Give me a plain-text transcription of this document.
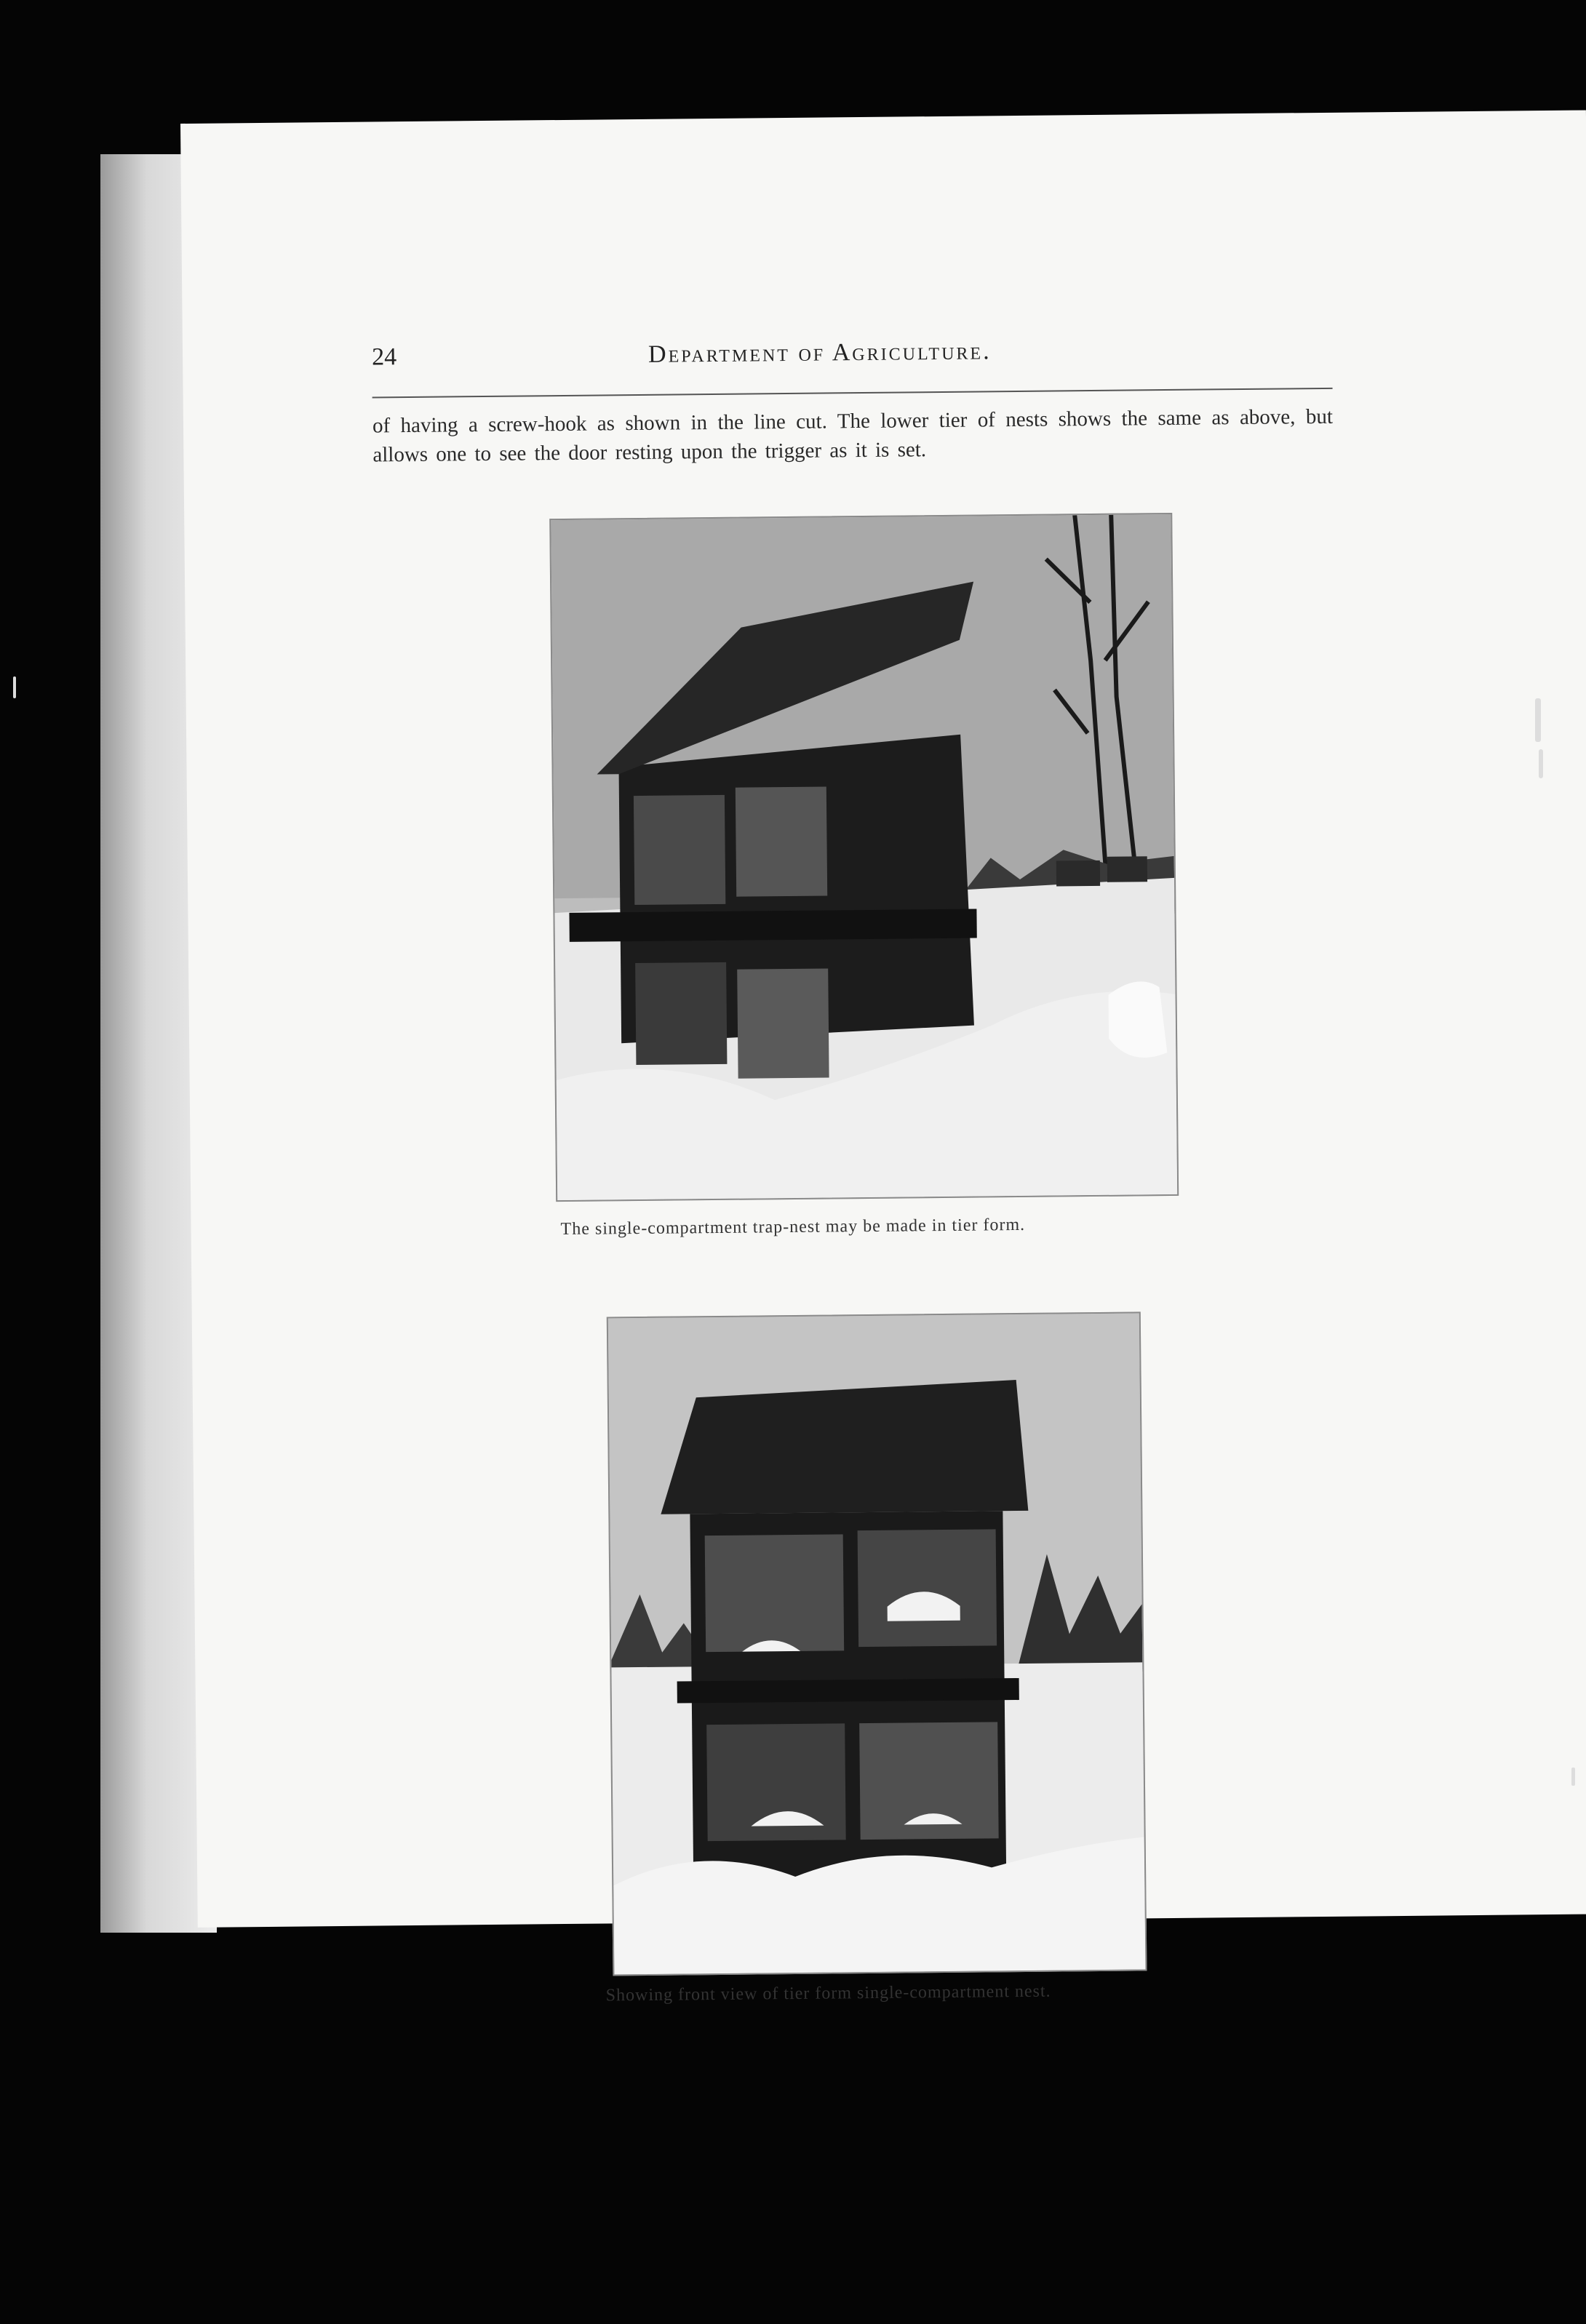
24	Department of Agriculture.
of having a screw-hook as shown in the line cut. The lower tier of nests shows the same as above, but allows one to see the door resting upon the trigger as it is set.
The single-compartment trap-nest may be made in tier form.
Showing front view of tier form single-compartment nest.
